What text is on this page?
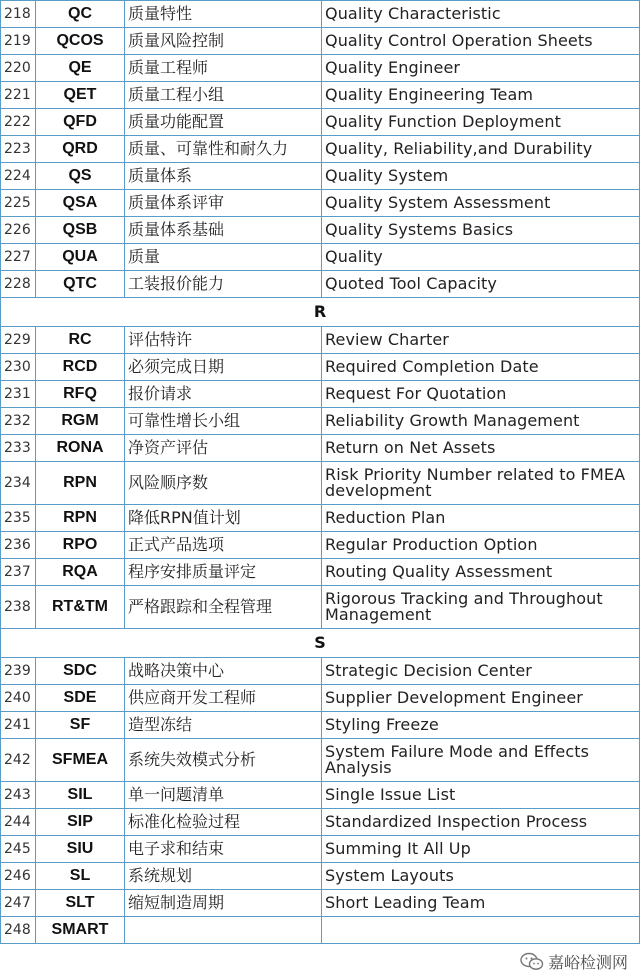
218	QC	质量特性	Quality Characteristic
219	QCOS	质量风险控制	Quality Control Operation Sheets
220	QE	质量工程师	Quality Engineer
221	QET	质量工程小组	Quality Engineering Team
222	QFD	质量功能配置	Quality Function Deployment
223	QRD	质量、可靠性和耐久力	Quality, Reliability,and Durability
224	QS	质量体系	Quality System
225	QSA	质量体系评审	Quality System Assessment
226	QSB	质量体系基础	Quality Systems Basics
227	QUA	质量	Quality
228	QTC	工装报价能力	Quoted Tool Capacity
R			
229	RC	评估特许	Review Charter
230	RCD	必须完成日期	Required Completion Date
231	RFQ	报价请求	Request For Quotation
232	RGM	可靠性增长小组	Reliability Growth Management
233	RONA	净资产评估	Return on Net Assets
234	RPN	风险顺序数	Risk Priority Number related to FMEA development
235	RPN	降低RPN值计划	Reduction Plan
236	RPO	正式产品选项	Regular Production Option
237	RQA	程序安排质量评定	Routing Quality Assessment
238	RT&TM	严格跟踪和全程管理	Rigorous Tracking and Throughout Management
S			
239	SDC	战略决策中心	Strategic Decision Center
240	SDE	供应商开发工程师	Supplier Development Engineer
241	SF	造型冻结	Styling Freeze
242	SFMEA	系统失效模式分析	System Failure Mode and Effects Analysis
243	SIL	单一问题清单	Single Issue List
244	SIP	标准化检验过程	Standardized Inspection Process
245	SIU	电子求和结束	Summing It All Up
246	SL	系统规划	System Layouts
247	SLT	缩短制造周期	Short Leading Team
248	SMART		
嘉峪检测网
